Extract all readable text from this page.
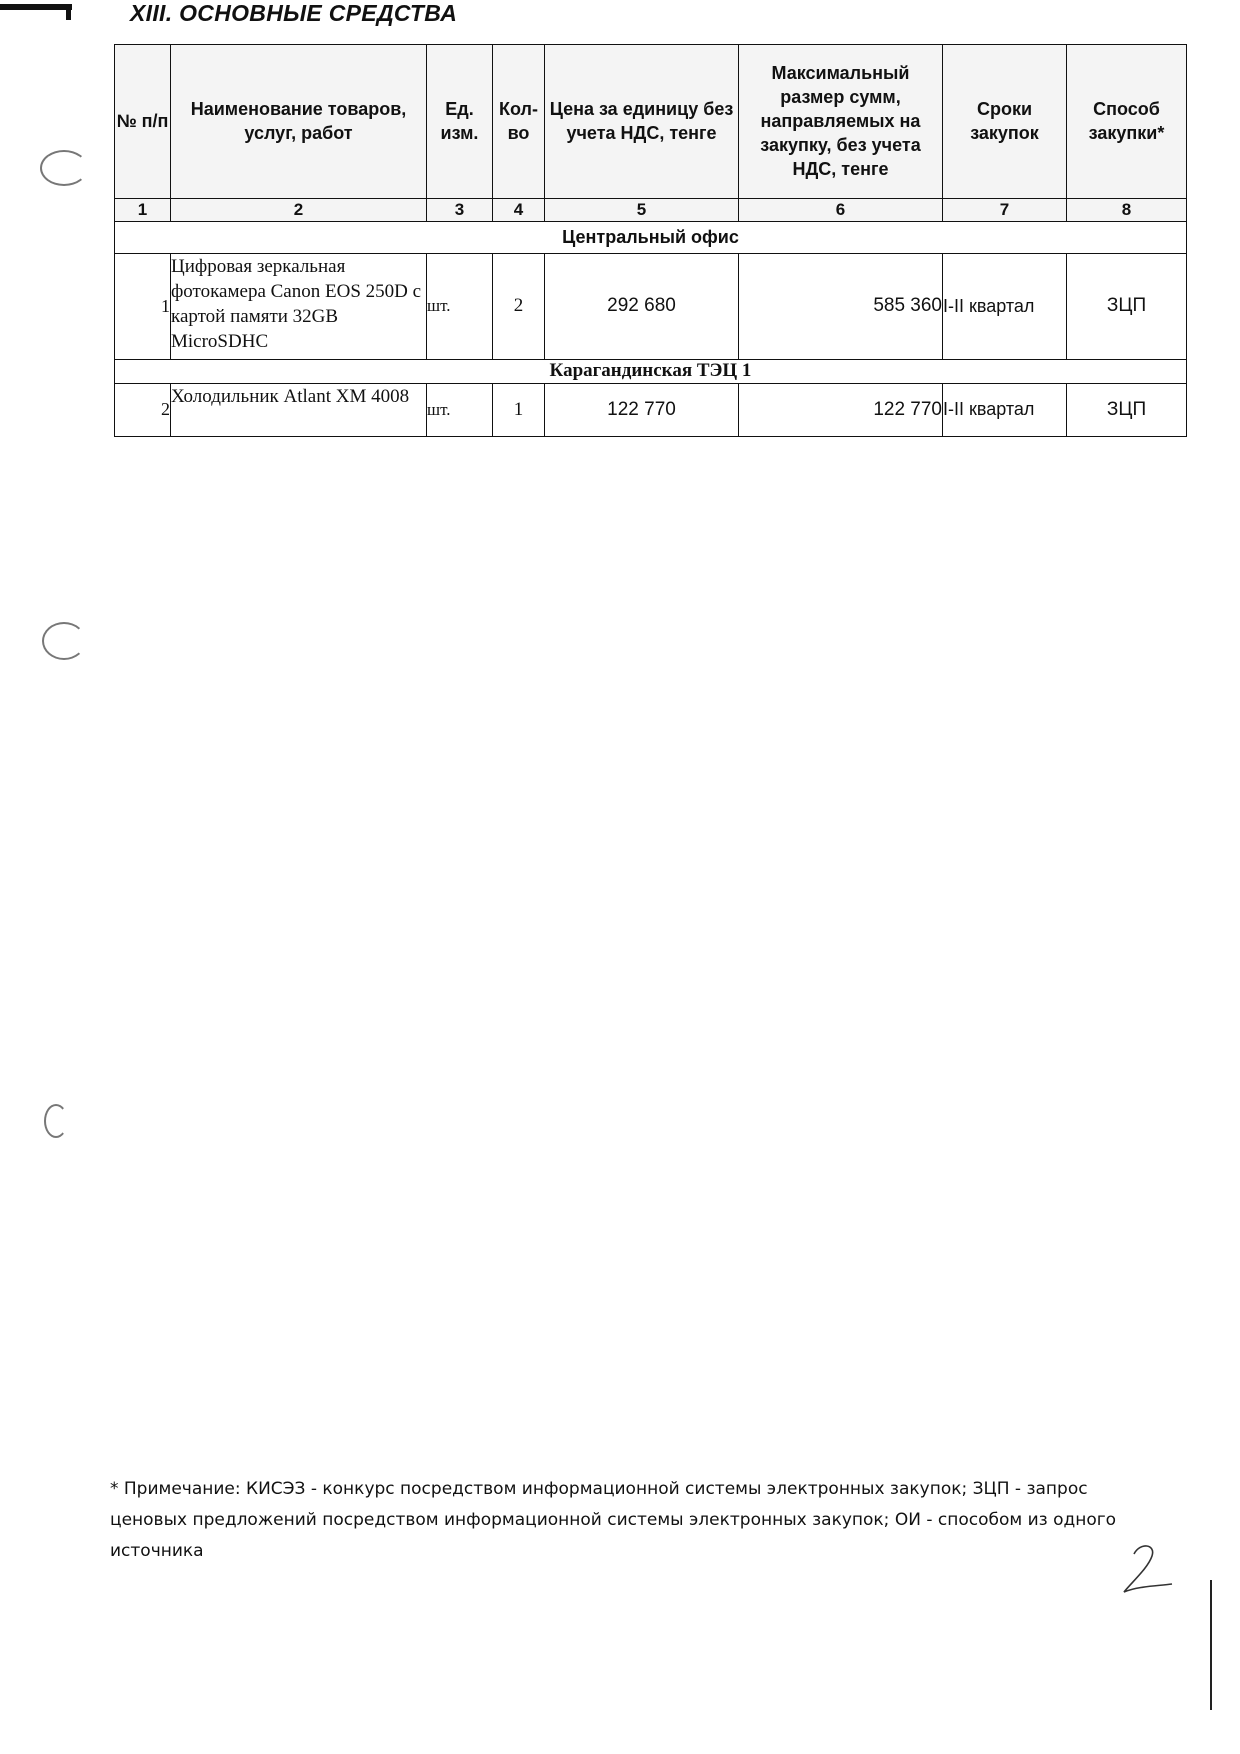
XIII. ОСНОВНЫЕ СРЕДСТВА
№ п/п	Наименование товаров, услуг, работ	Ед. изм.	Кол-во	Цена за единицу без учета НДС, тенге	Максимальный размер сумм, направляемых на закупку, без учета НДС, тенге	Сроки закупок	Способ закупки*
1	2	3	4	5	6	7	8
Центральный офис							
1	Цифровая зеркальная фотокамера Canon EOS 250D с картой памяти 32GB MicroSDHC	шт.	2	292 680	585 360	I-II квартал	ЗЦП
Карагандинская ТЭЦ 1							
2	Холодильник Atlant XM 4008	шт.	1	122 770	122 770	I-II квартал	ЗЦП
* Примечание: КИСЭЗ - конкурс посредством информационной системы электронных закупок; ЗЦП - запрос ценовых предложений посредством информационной системы электронных закупок; ОИ - способом из одного источника
